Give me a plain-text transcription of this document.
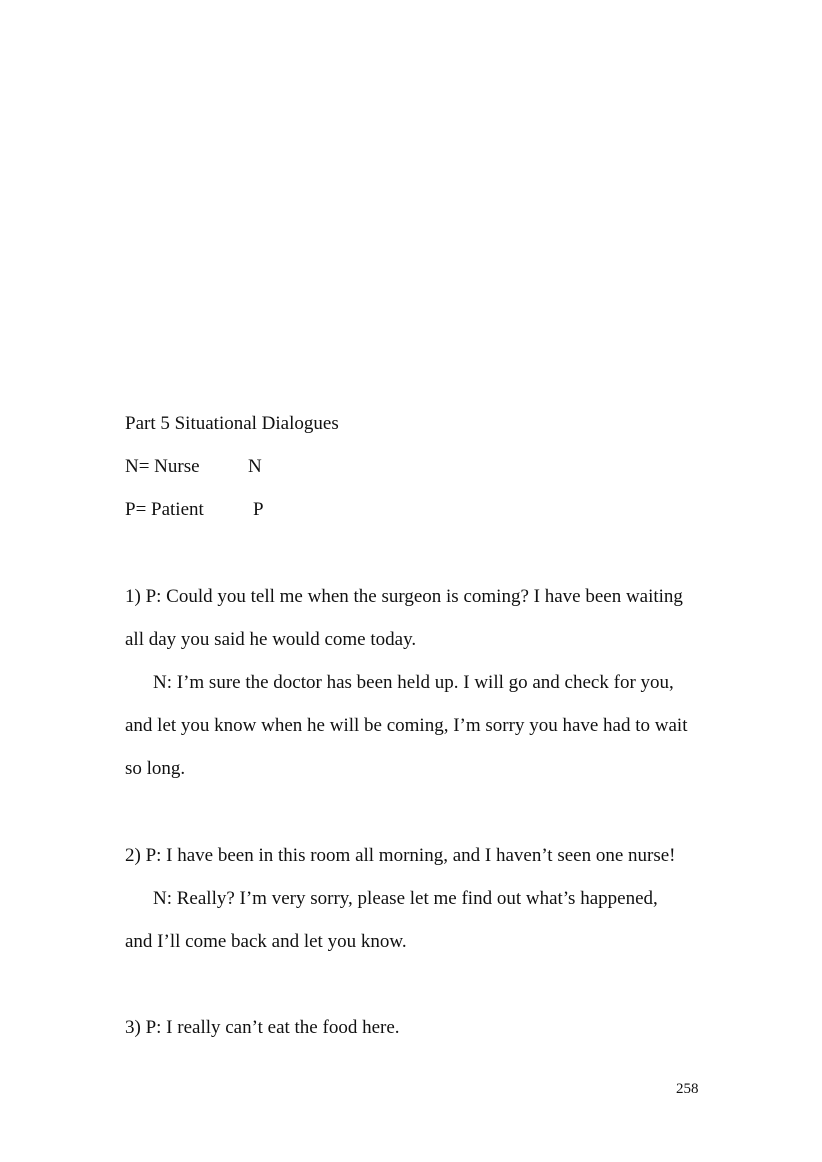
Part 5 Situational Dialogues

N= Nurse	N

P= Patient	P

1) P: Could you tell me when the surgeon is coming? I have been waiting

all day you said he would come today.

N: I’m sure the doctor has been held up. I will go and check for you,

and let you know when he will be coming, I’m sorry you have had to wait

so long.

2) P: I have been in this room all morning, and I haven’t seen one nurse!

N: Really? I’m very sorry, please let me find out what’s happened,

and I’ll come back and let you know.

3) P: I really can’t eat the food here.

258
